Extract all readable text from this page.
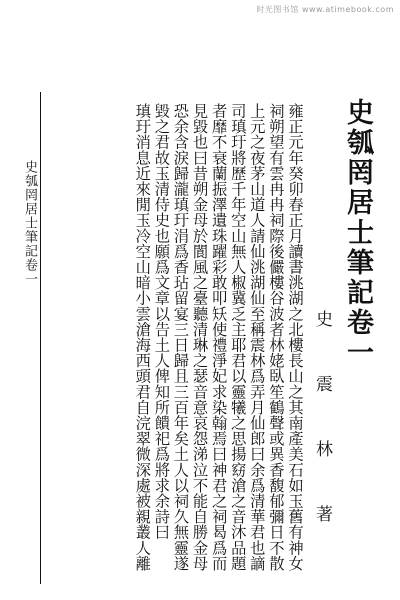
时光图书馆 www.atimebook.com
史瓠罔居士筆記卷一
史 震 林 著

雍正元年癸卯春正月讀書洮湖之北樓長山之其南產美石如玉舊有神女

祠朔望有雲冉冉祠際後儼樓谷波者林姥臥笙鶴聲或異香馥郁彌日不散

上元之夜茅山道人請仙洮湖仙至稱震林爲弄月仙郎曰余爲清華君也謫

司瑱玗將歷千年空山無人椒冀乏主耶君以靈犧之思揚窈滄之音沐品題

者靡不衰蘭振澤遺珠躍彩敢叩矨使禮淨妃求染翰焉曰神君之祠曷爲而

見毀也曰昔朔金母於閬風之臺聽清琳之瑟音意哀怨涕泣不能自勝金母

恐余含淚歸瀧瑱玗涓爲香玷留宴三日歸且三百年矣土人以祠久無靈遂

毀之君故玉清侍史也願爲文章以告土人俾知所饋祀爲將求余詩曰

瑱玗消息近來閒玉冷空山暗小雲滄海西頭君自浣翠微深處被親叢人離

史瓠罔居士筆記卷一
